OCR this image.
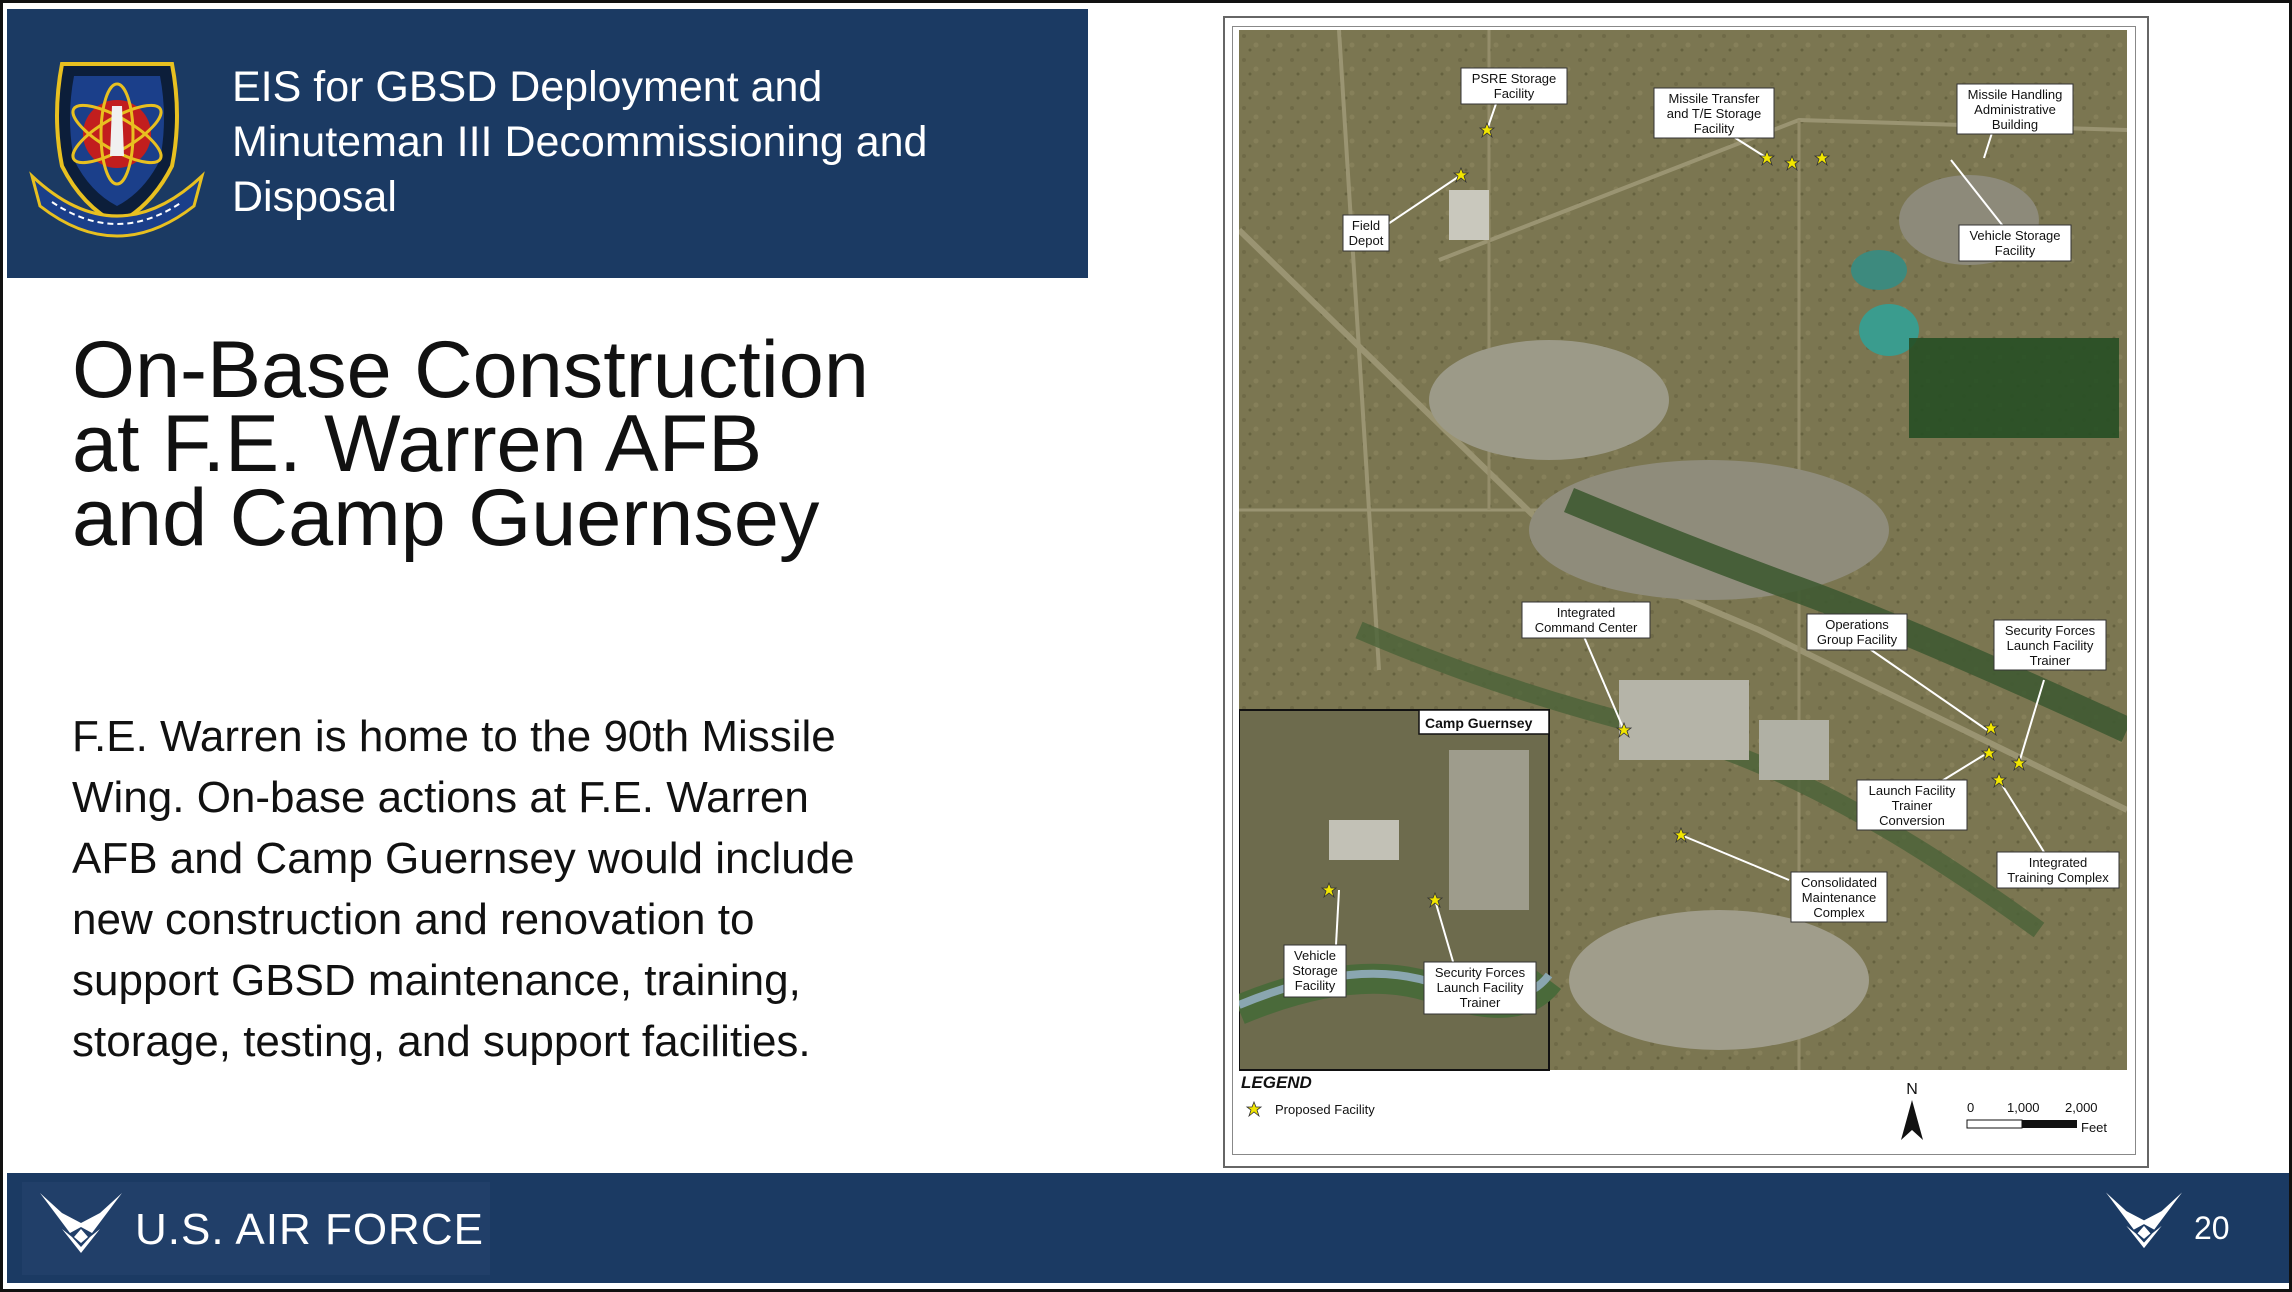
EIS for GBSD Deployment and
Minuteman III Decommissioning and
Disposal
On-Base Construction
at F.E. Warren AFB
and Camp Guernsey
F.E. Warren is home to the 90th Missile
Wing. On-base actions at F.E. Warren
AFB and Camp Guernsey would include
new construction and renovation to
support GBSD maintenance, training,
storage, testing, and support facilities.
Camp Guernsey
PSRE Storage
Facility	Missile Transfer
and T/E Storage
Facility
Missile Handling
Administrative
Building
Field
Depot	Vehicle Storage
Facility
Integrated
Command Center	Operations
Group Facility
Security Forces
Launch Facility
Trainer
Launch Facility
Trainer
Conversion
Integrated
Training Complex
Consolidated
Maintenance
Complex
Vehicle
Storage
Facility
Security Forces
Launch Facility
Trainer
LEGEND
Proposed Facility
N
0	1,000 2,000
Feet
U.S. AIR FORCE	20
